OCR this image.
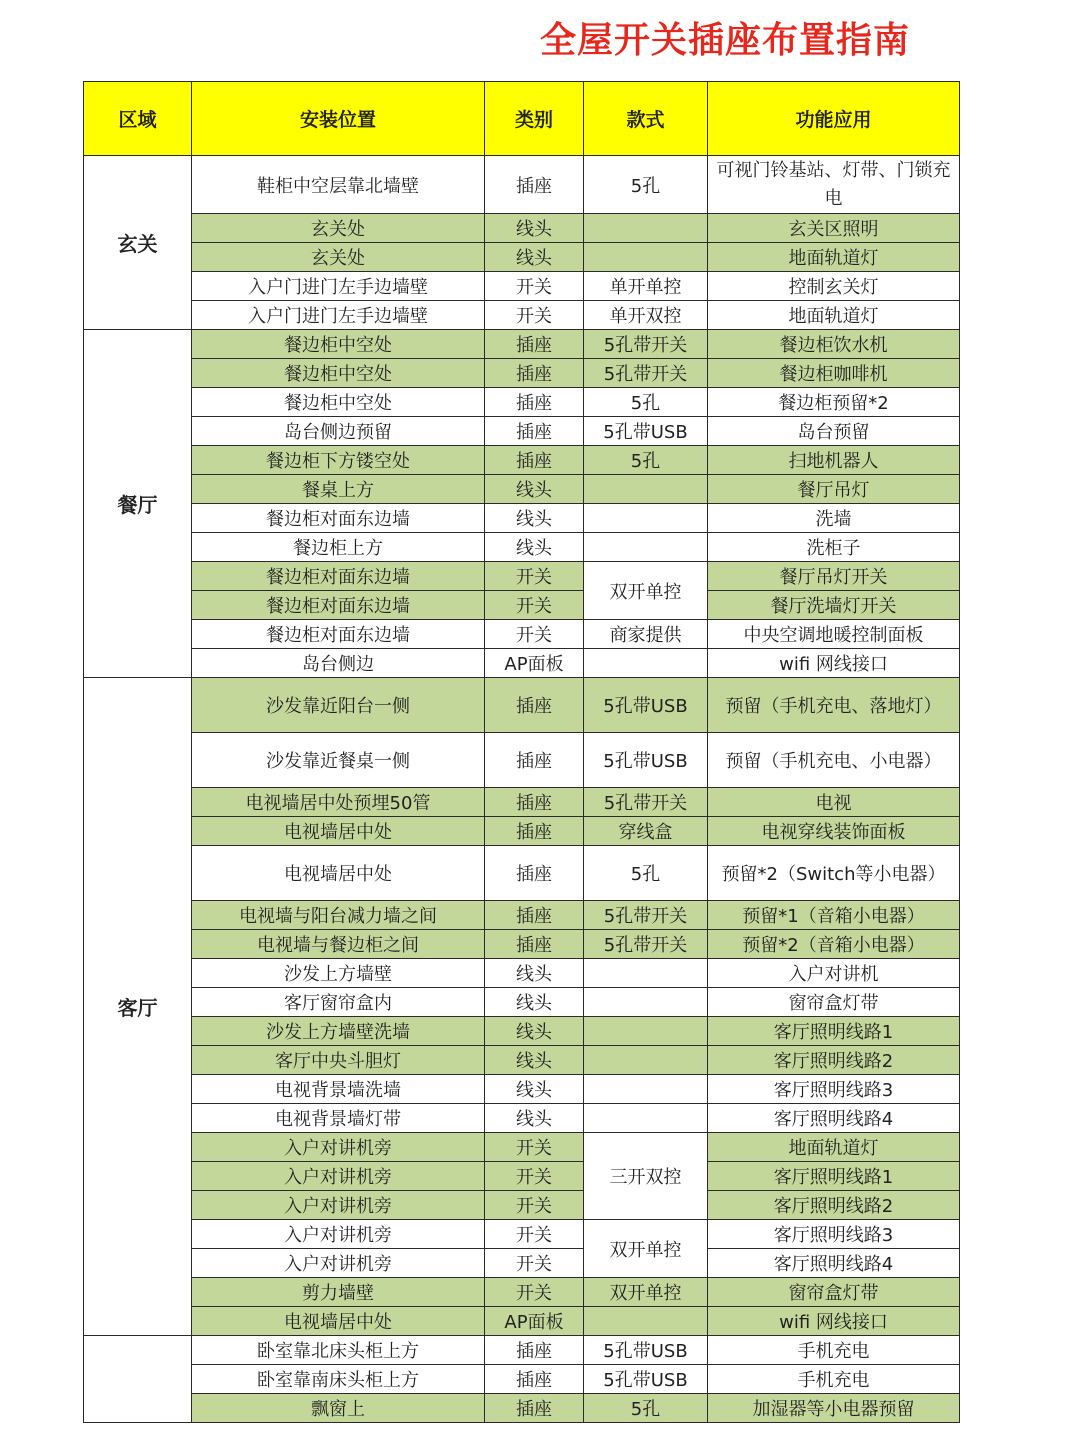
全屋开关插座布置指南
区域	安装位置	类别	款式	功能应用
玄关	鞋柜中空层靠北墙壁	插座	5孔	可视门铃基站、灯带、门锁充电
	玄关处	线头		玄关区照明
	玄关处	线头		地面轨道灯
	入户门进门左手边墙壁	开关	单开单控	控制玄关灯
	入户门进门左手边墙壁	开关	单开双控	地面轨道灯
餐厅	餐边柜中空处	插座	5孔带开关	餐边柜饮水机
	餐边柜中空处	插座	5孔带开关	餐边柜咖啡机
	餐边柜中空处	插座	5孔	餐边柜预留*2
	岛台侧边预留	插座	5孔带USB	岛台预留
	餐边柜下方镂空处	插座	5孔	扫地机器人
	餐桌上方	线头		餐厅吊灯
	餐边柜对面东边墙	线头		洗墙
	餐边柜上方	线头		洗柜子
	餐边柜对面东边墙	开关	双开单控	餐厅吊灯开关
	餐边柜对面东边墙	开关		餐厅洗墙灯开关
	餐边柜对面东边墙	开关	商家提供	中央空调地暖控制面板
	岛台侧边	AP面板		wifi 网线接口
客厅	沙发靠近阳台一侧	插座	5孔带USB	预留（手机充电、落地灯）
	沙发靠近餐桌一侧	插座	5孔带USB	预留（手机充电、小电器）
	电视墙居中处预埋50管	插座	5孔带开关	电视
	电视墙居中处	插座	穿线盒	电视穿线装饰面板
	电视墙居中处	插座	5孔	预留*2（Switch等小电器）
	电视墙与阳台减力墙之间	插座	5孔带开关	预留*1（音箱小电器）
	电视墙与餐边柜之间	插座	5孔带开关	预留*2（音箱小电器）
	沙发上方墙壁	线头		入户对讲机
	客厅窗帘盒内	线头		窗帘盒灯带
	沙发上方墙壁洗墙	线头		客厅照明线路1
	客厅中央斗胆灯	线头		客厅照明线路2
	电视背景墙洗墙	线头		客厅照明线路3
	电视背景墙灯带	线头		客厅照明线路4
	入户对讲机旁	开关	三开双控	地面轨道灯
	入户对讲机旁	开关		客厅照明线路1
	入户对讲机旁	开关		客厅照明线路2
	入户对讲机旁	开关	双开单控	客厅照明线路3
	入户对讲机旁	开关		客厅照明线路4
	剪力墙壁	开关	双开单控	窗帘盒灯带
	电视墙居中处	AP面板		wifi 网线接口
	卧室靠北床头柜上方	插座	5孔带USB	手机充电
	卧室靠南床头柜上方	插座	5孔带USB	手机充电
	飘窗上	插座	5孔	加湿器等小电器预留
